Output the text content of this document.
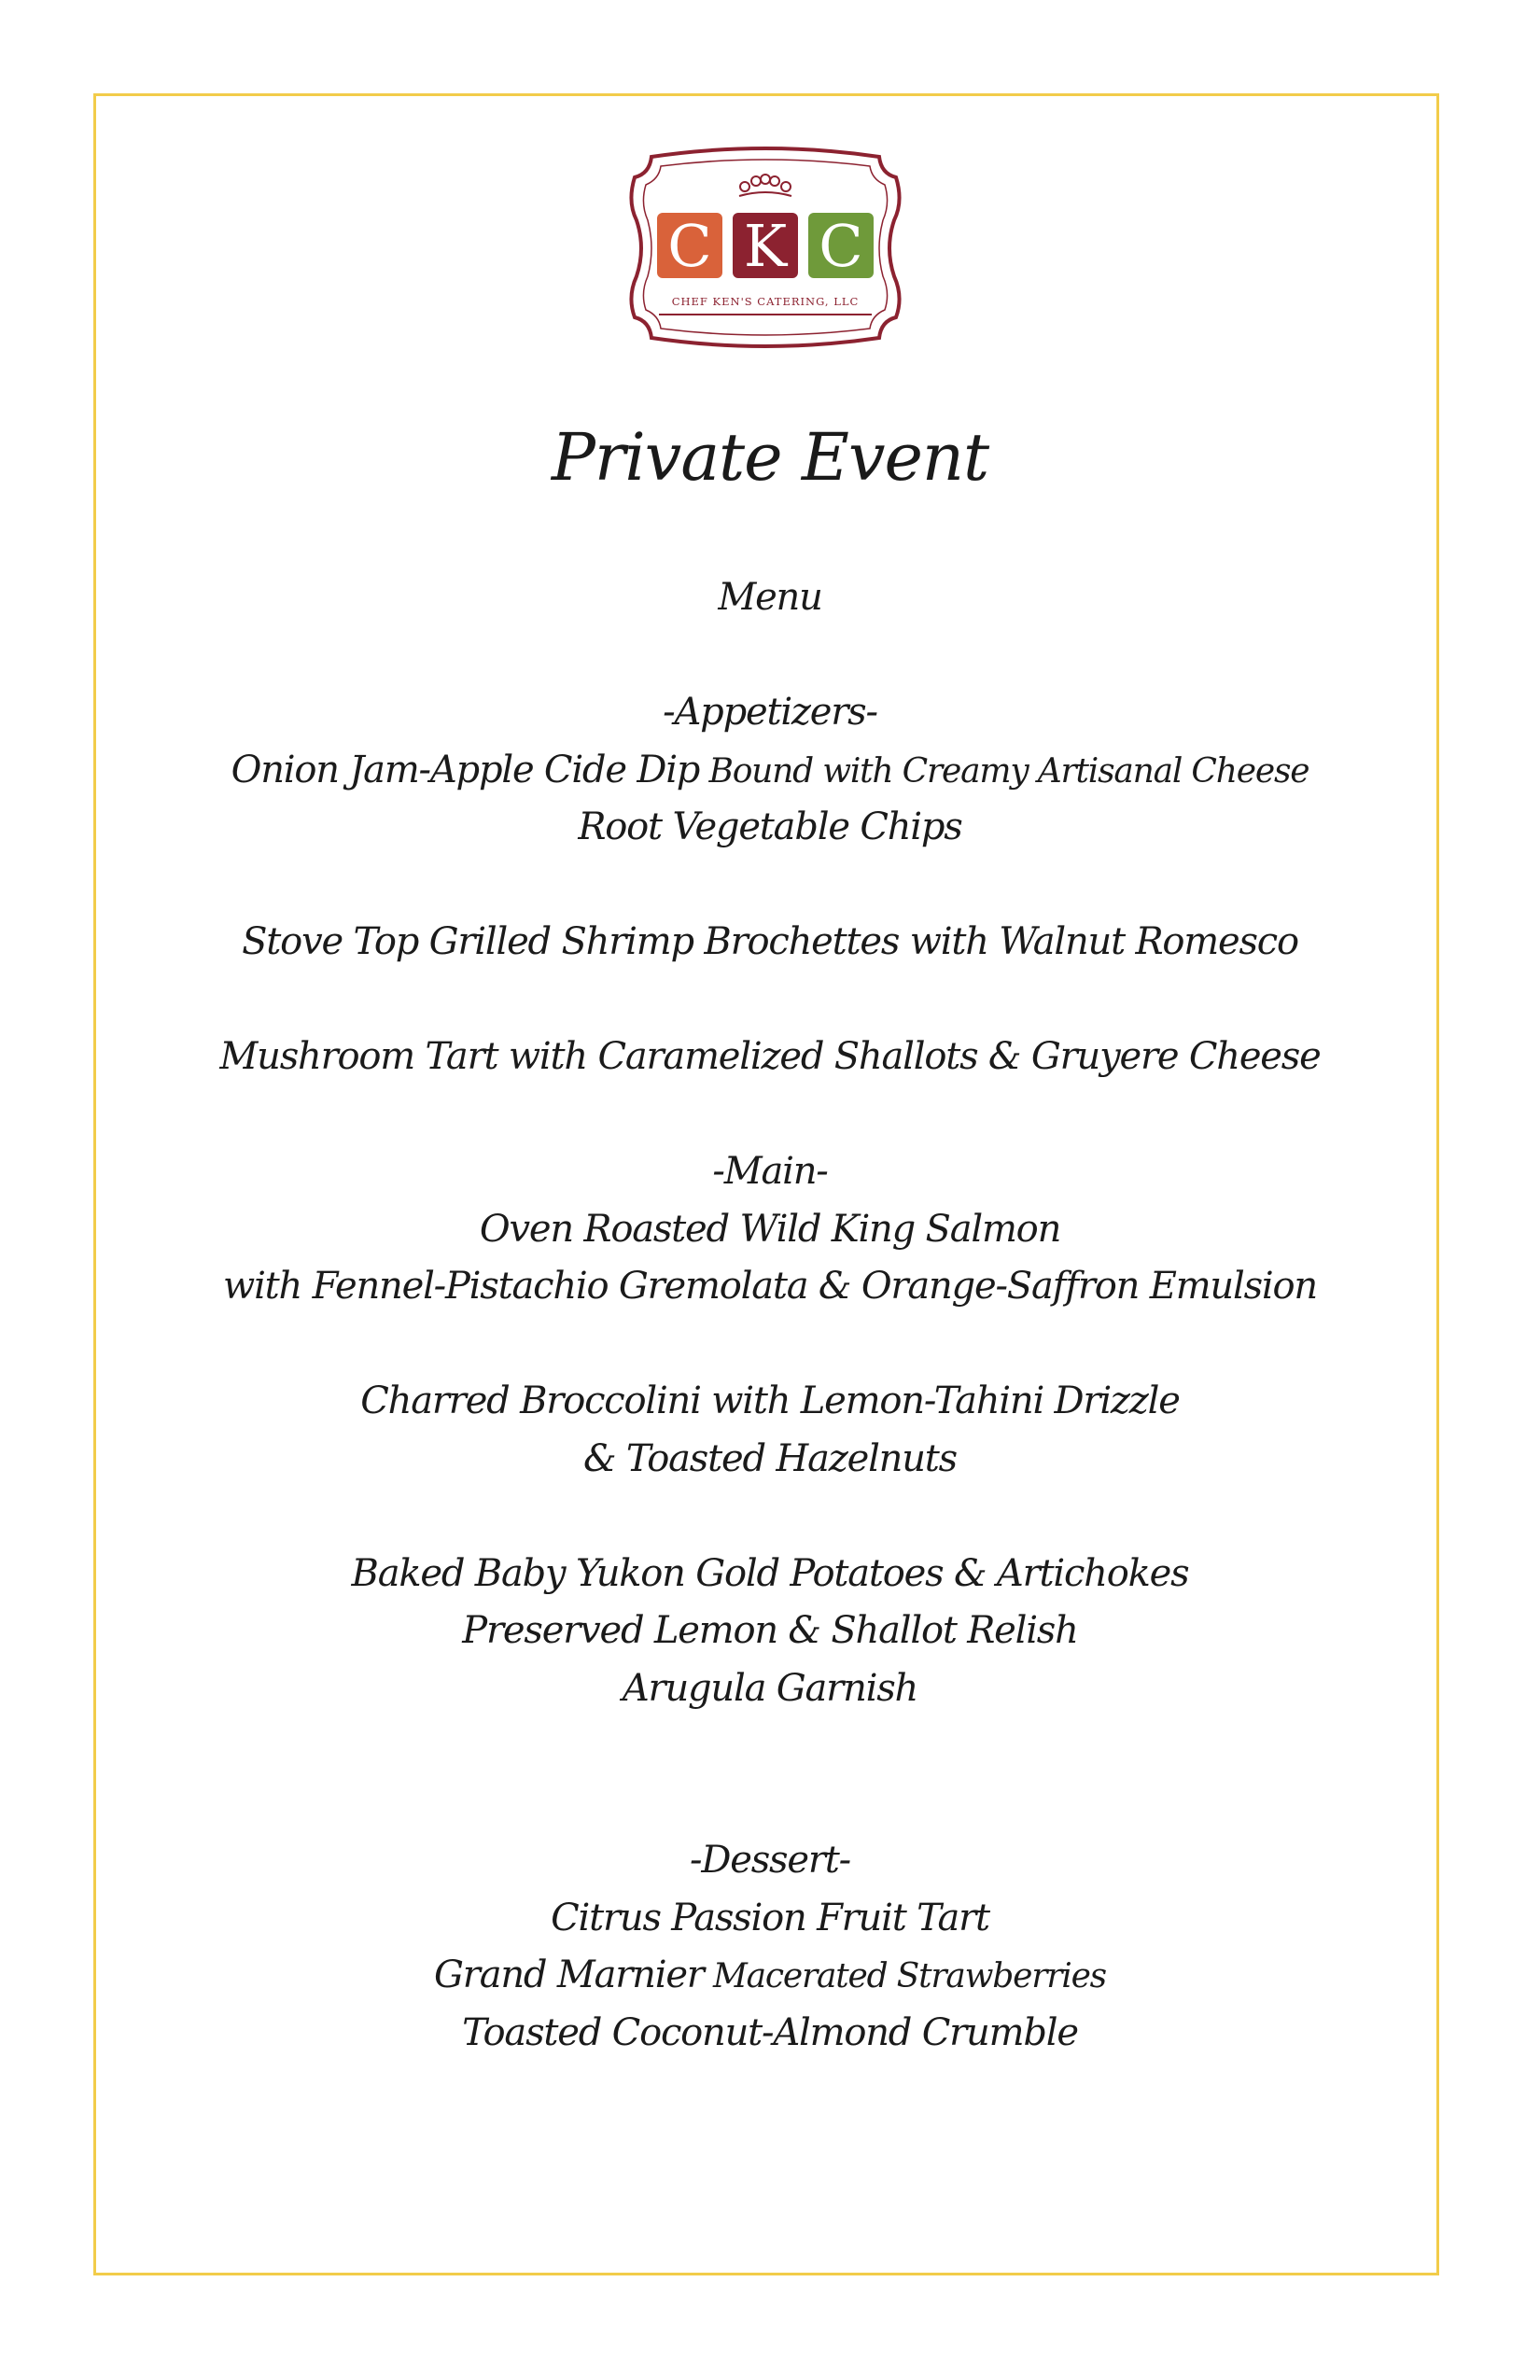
C K C
CHEF KEN'S CATERING, LLC
Private Event
Menu
-Appetizers-
Onion Jam-Apple Cide Dip Bound with Creamy Artisanal Cheese
Root Vegetable Chips
Stove Top Grilled Shrimp Brochettes with Walnut Romesco
Mushroom Tart with Caramelized Shallots & Gruyere Cheese
-Main-
Oven Roasted Wild King Salmon
with Fennel-Pistachio Gremolata & Orange-Saffron Emulsion
Charred Broccolini with Lemon-Tahini Drizzle
& Toasted Hazelnuts
Baked Baby Yukon Gold Potatoes & Artichokes
Preserved Lemon & Shallot Relish
Arugula Garnish
-Dessert-
Citrus Passion Fruit Tart
Grand Marnier Macerated Strawberries
Toasted Coconut-Almond Crumble
